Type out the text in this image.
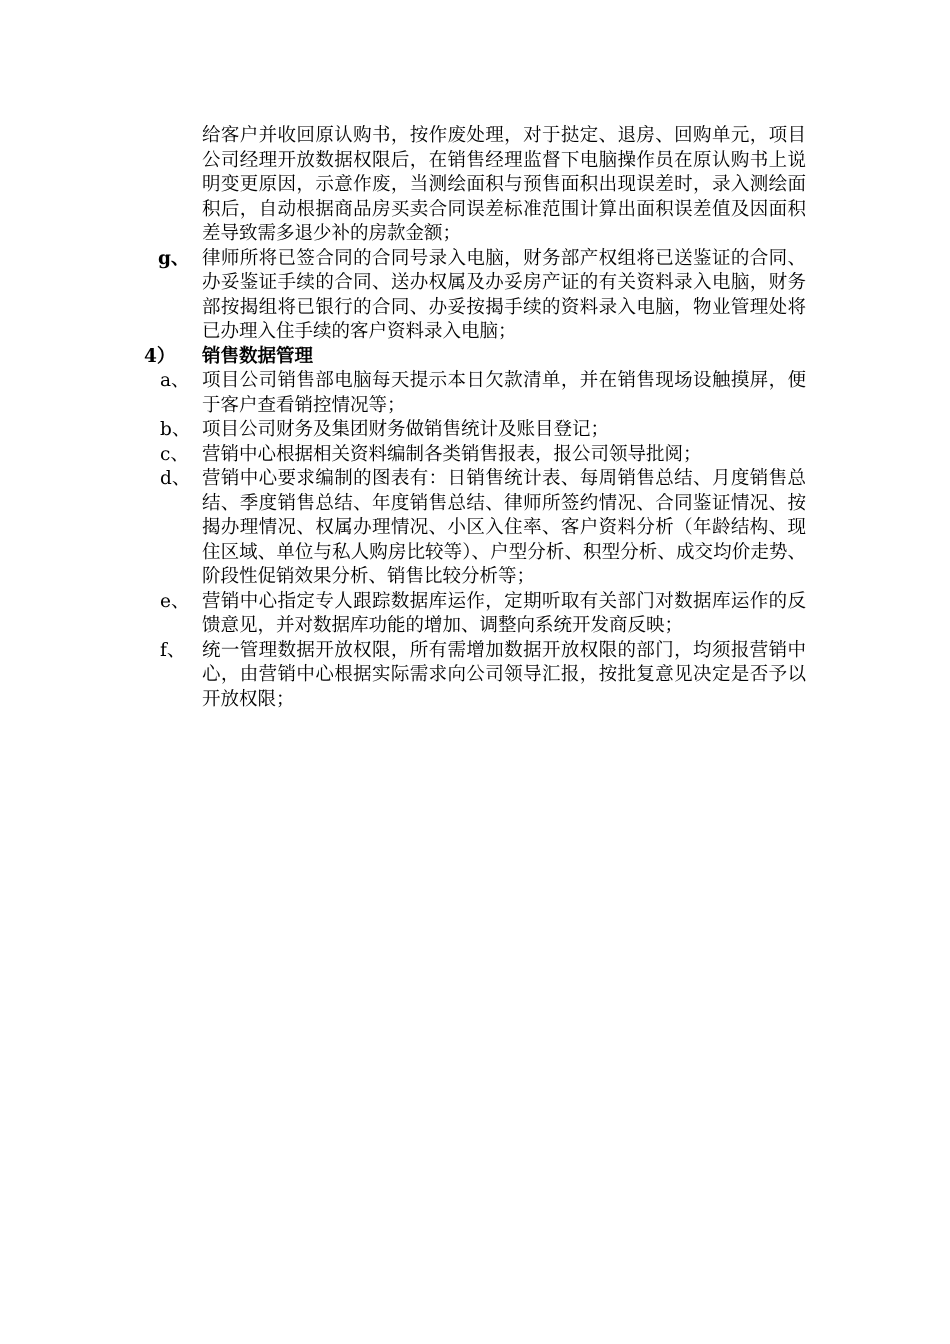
给客户并收回原认购书，按作废处理，对于挞定、退房、回购单元，项目公司经理开放数据权限后，在销售经理监督下电脑操作员在原认购书上说明变更原因，示意作废，当测绘面积与预售面积出现误差时，录入测绘面积后，自动根据商品房买卖合同误差标准范围计算出面积误差值及因面积差导致需多退少补的房款金额；
g、 律师所将已签合同的合同号录入电脑，财务部产权组将已送鉴证的合同、办妥鉴证手续的合同、送办权属及办妥房产证的有关资料录入电脑，财务部按揭组将已银行的合同、办妥按揭手续的资料录入电脑，物业管理处将已办理入住手续的客户资料录入电脑；
4）	销售数据管理
a、 项目公司销售部电脑每天提示本日欠款清单，并在销售现场设触摸屏，便于客户查看销控情况等；
b、 项目公司财务及集团财务做销售统计及账目登记；
c、 营销中心根据相关资料编制各类销售报表，报公司领导批阅；
d、 营销中心要求编制的图表有：日销售统计表、每周销售总结、月度销售总结、季度销售总结、年度销售总结、律师所签约情况、合同鉴证情况、按揭办理情况、权属办理情况、小区入住率、客户资料分析（年龄结构、现住区域、单位与私人购房比较等）、户型分析、积型分析、成交均价走势、阶段性促销效果分析、销售比较分析等；
e、 营销中心指定专人跟踪数据库运作，定期听取有关部门对数据库运作的反馈意见，并对数据库功能的增加、调整向系统开发商反映；
f、 统一管理数据开放权限，所有需增加数据开放权限的部门，均须报营销中心，由营销中心根据实际需求向公司领导汇报，按批复意见决定是否予以开放权限；
